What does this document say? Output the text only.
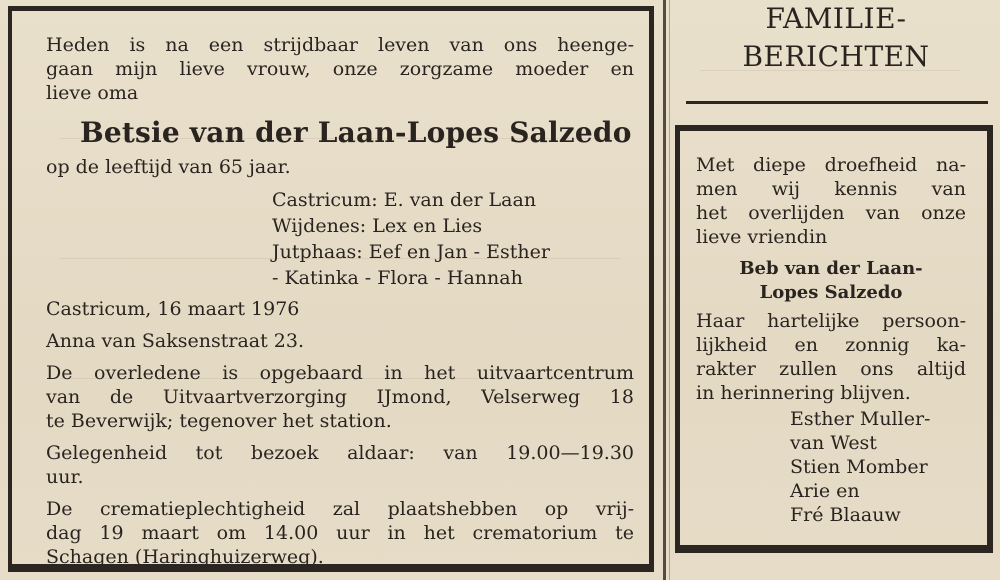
Heden is na een strijdbaar leven van ons heenge-
gaan mijn lieve vrouw, onze zorgzame moeder en
lieve oma
Betsie van der Laan-Lopes Salzedo
op de leeftijd van 65 jaar.
Castricum: E. van der Laan
Wijdenes: Lex en Lies
Jutphaas: Eef en Jan - Esther
- Katinka - Flora - Hannah
Castricum, 16 maart 1976
Anna van Saksenstraat 23.
De overledene is opgebaard in het uitvaartcentrum
van de Uitvaartverzorging IJmond, Velserweg 18
te Beverwijk; tegenover het station.
Gelegenheid tot bezoek aldaar: van 19.00—19.30
uur.
De crematieplechtigheid zal plaatshebben op vrij-
dag 19 maart om 14.00 uur in het crematorium te
Schagen (Haringhuizerweg).
FAMILIE-
BERICHTEN
Met diepe droefheid na-
men wij kennis van
het overlijden van onze
lieve vriendin
Beb van der Laan-
Lopes Salzedo
Haar hartelijke persoon-
lijkheid en zonnig ka-
rakter zullen ons altijd
in herinnering blijven.
Esther Muller-
van West
Stien Momber
Arie en
Fré Blaauw
